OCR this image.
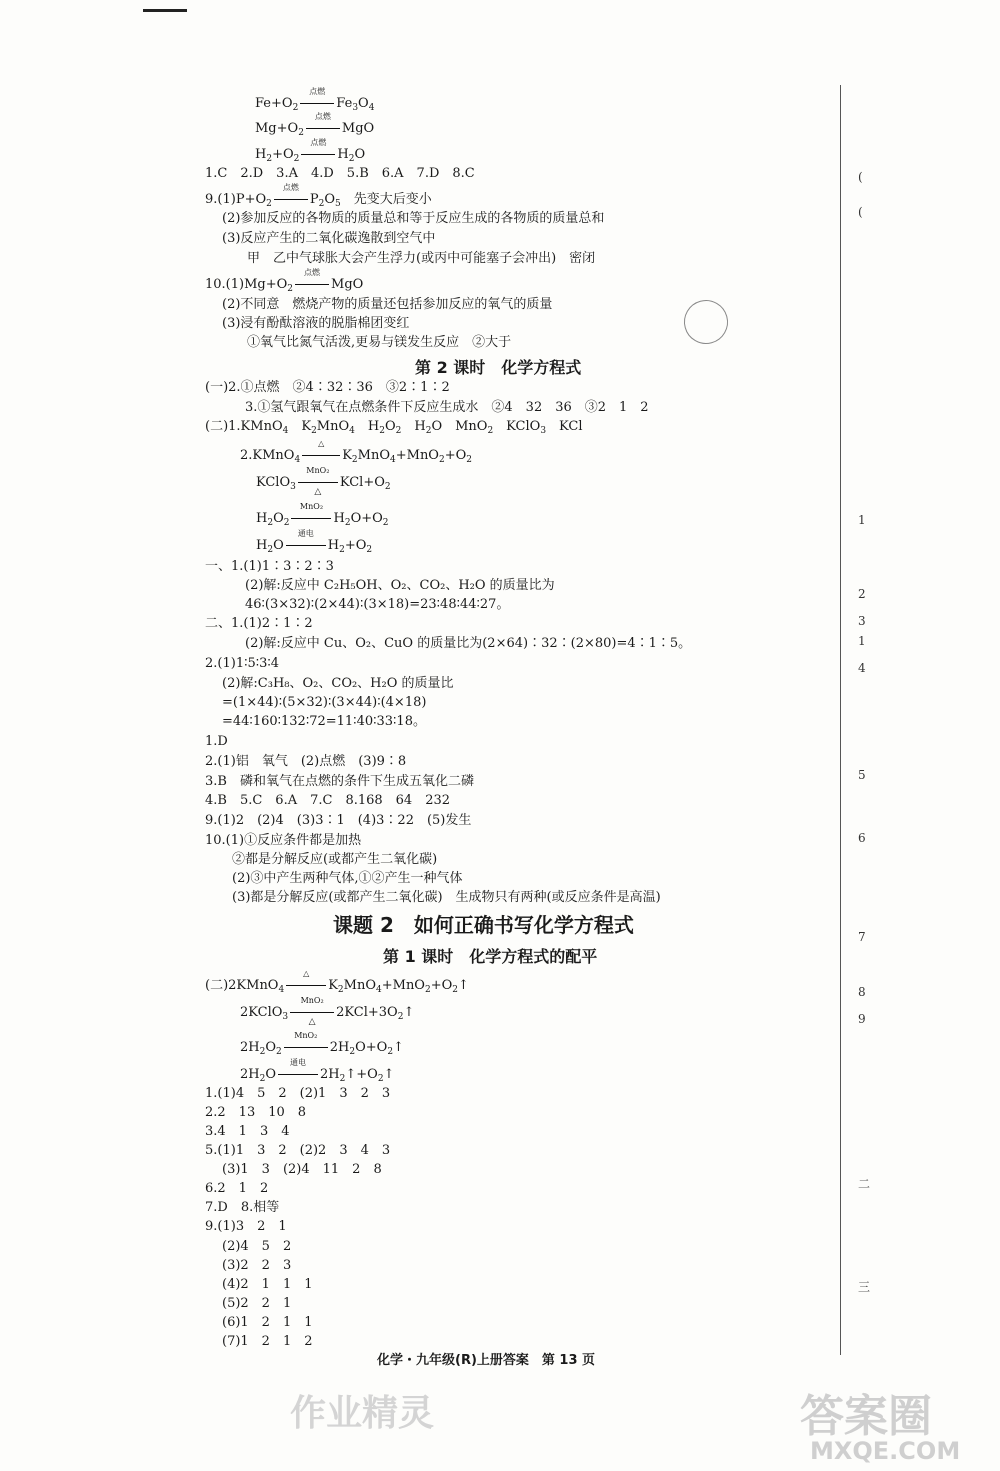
$Fe+O_2$
点燃
$Fe_3O_4$
$Mg+O_2$
点燃
MgO
$H_2+O_2$
点燃
$H_2O$
1.C　2.D　3.A　4.D　5.B　6.A　7.D　8.C
$9.(1)P+O_2$
点燃
$P_2O_5$　先变大后变小
(2)参加反应的各物质的质量总和等于反应生成的各物质的质量总和
(3)反应产生的二氧化碳逸散到空气中
甲　乙中气球胀大会产生浮力(或丙中可能塞子会冲出)　密闭
$10.(1)Mg+O_2$
点燃
MgO
(2)不同意　燃烧产物的质量还包括参加反应的氧气的质量
(3)浸有酚酞溶液的脱脂棉团变红
①氧气比氮气活泼,更易与镁发生反应　②大于
第 2 课时　化学方程式
(一)2.①点燃　②4∶32∶36　③2∶1∶2
3.①氢气跟氧气在点燃条件下反应生成水　②4　32　36　③2　1　2
(二)1.KMnO$_4$　$K_2MnO_4$　$H_2O_2$　$H_2O$　MnO$_2$　KClO$_3$　KCl
2.KMnO$_4$
△
$K_2MnO_4+MnO_2+O_2$
KClO$_3$
MnO₂
△
$KCl+O_2$
$H_2O_2$
MnO₂
$H_2O+O_2$
$H_2O$
通电
$H_2+O_2$
一、1.(1)1∶3∶2∶3
(2)解:反应中 C₂H₅OH、O₂、CO₂、H₂O 的质量比为
46∶(3×32)∶(2×44)∶(3×18)=23∶48∶44∶27。
二、1.(1)2∶1∶2
(2)解:反应中 Cu、O₂、CuO 的质量比为(2×64)∶32∶(2×80)=4∶1∶5。
2.(1)1∶5∶3∶4
(2)解:C₃H₈、O₂、CO₂、H₂O 的质量比
=(1×44)∶(5×32)∶(3×44)∶(4×18)
=44∶160∶132∶72=11∶40∶33∶18。
1.D
2.(1)铝　氧气　(2)点燃　(3)9∶8
3.B　磷和氧气在点燃的条件下生成五氧化二磷
4.B　5.C　6.A　7.C　8.168　64　232
9.(1)2　(2)4　(3)3∶1　(4)3∶22　(5)发生
10.(1)①反应条件都是加热
②都是分解反应(或都产生二氧化碳)
(2)③中产生两种气体,①②产生一种气体
(3)都是分解反应(或都产生二氧化碳)　生成物只有两种(或反应条件是高温)
课题 2　如何正确书写化学方程式
第 1 课时　化学方程式的配平
(二)2KMnO$_4$
△
$K_2MnO_4+MnO_2+O_2↑$
2KClO$_3$
MnO₂
△
$2KCl+3O_2↑$
$2H_2O_2$
MnO₂
$2H_2O+O_2↑$
$2H_2O$
通电
$2H_2↑+O_2↑$
1.(1)4　5　2　(2)1　3　2　3
2.2　13　10　8
3.4　1　3　4
5.(1)1　3　2　(2)2　3　4　3
(3)1　3　(2)4　11　2　8
6.2　1　2
7.D　8.相等
9.(1)3　2　1
(2)4　5　2
(3)2　2　3
(4)2　1　1　1
(5)2　2　1
(6)1　2　1　1
(7)1　2　1　2
化学・九年级(R)上册答案　第 13 页
(
(
1
2
3
1
4
5
6
7
8
9
二
三
作业精灵	答案圈
MXQE.COM
